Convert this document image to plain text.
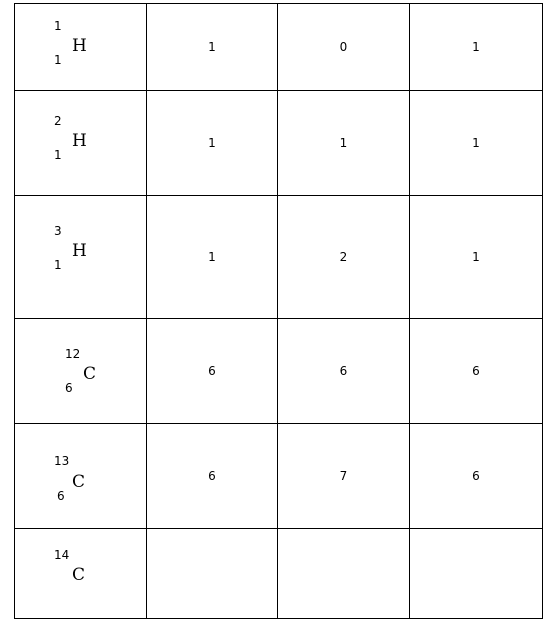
1
1
H	1	0	1

2
1
H	1	1	1

3
1
H	1	2	1

12
6
C	6	6	6

13
6
C	6	7	6

14
C			
